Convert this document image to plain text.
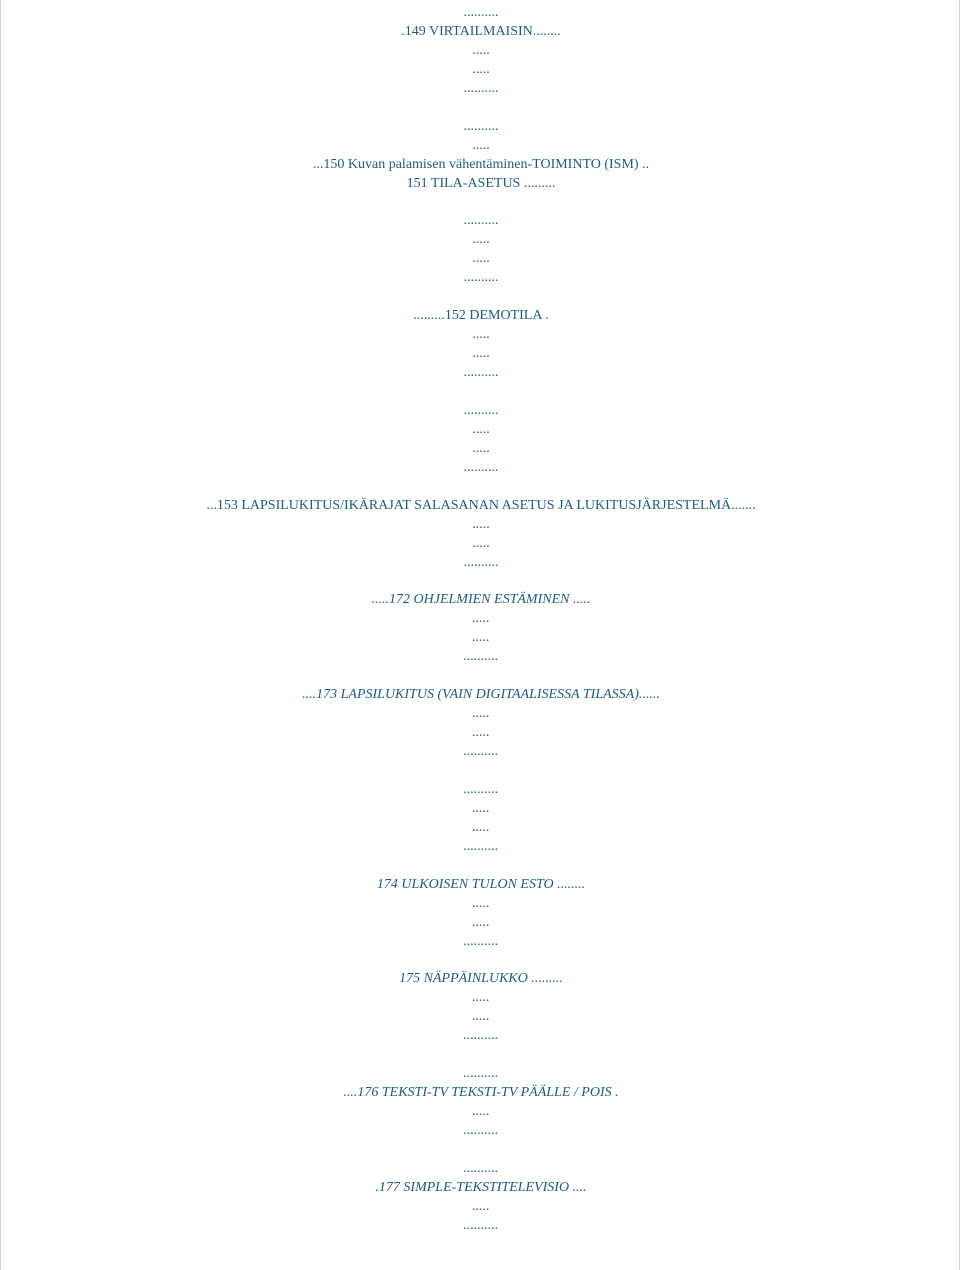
..........
.149 VIRTAILMAISIN........
.....
.....
..........
..........
.....
...150 Kuvan palamisen vähentäminen-TOIMINTO (ISM) ..
151 TILA-ASETUS .........
..........
.....
.....
..........
.........152 DEMOTILA .
.....
.....
..........
..........
.....
.....
..........
...153 LAPSILUKITUS/IKÄRAJAT SALASANAN ASETUS JA LUKITUSJÄRJESTELMÄ.......
.....
.....
..........
.....172 OHJELMIEN ESTÄMINEN .....
.....
.....
..........
....173 LAPSILUKITUS (VAIN DIGITAALISESSA TILASSA)......
.....
.....
..........
..........
.....
.....
..........
174 ULKOISEN TULON ESTO ........
.....
.....
..........
175 NÄPPÄINLUKKO .........
.....
.....
..........
..........
....176 TEKSTI-TV TEKSTI-TV PÄÄLLE / POIS .
.....
..........
..........
.177 SIMPLE-TEKSTITELEVISIO ....
.....
..........
